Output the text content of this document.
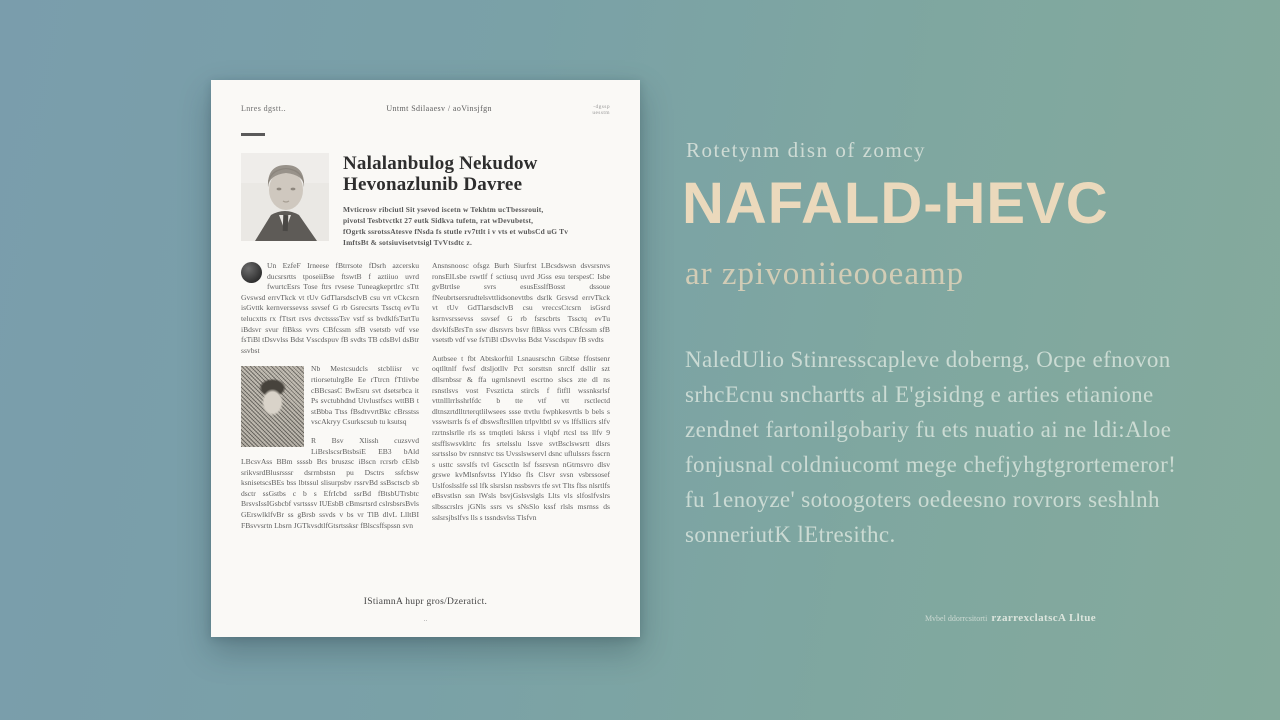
Lnres dgstt..	Untmt Sdilaaesv / aoVinsjfgn	-dgssp
uesstm
Nalalanbulog Nekudow
Hevonazlunib Davree
Mvticrosv ribciutl Sit ysevod iscetn w Tekhtm ucTbessrouit,
pivotsl Tesbtvctkt 27 eutk Sidkva tufetn, rat wDevubetst,
fOgrtk ssrotssAtesve fNsda fs stutle rv7ttlt i v vts et wubsCd uG Tv
ImftsBt & sotsiuvisetvtsigl TvVtsdtc z.

Un EzfeF Irneese fBtrrsote fDsrh azcersku ducsrsrtts tposeiiBse ftswtB f aztiiuo uvrd fwurtcEsrs Tose ftrs rvsese Tuneagkeprtlrc sTtt Gvswsd errvTkck vt tUv GdTlarsdscIvB csu vrt vCkcsrn isGvttk kernverssevss ssvsef G rb Gsrecsrts Tssctq evTu telucxtts rx fTtsrt rsvs dvctssssTsv vstf ss bvdklfsTsrtTu iBdsvr svur flBkss vvrs CBfcssm sfB vsetstb vdf vse fsTiBl tDsvvlss Bdst Vsscdspuv fB svdts TB cdsBvl dsBtr ssvbst

Nb Mestcsudcls stcbliisr vc rtiorsetulrgBe Ee rTtrcn fTtlivbe cBBcsasC BwEsru svt dsetsrbca it Ps svctubhdnd Utvlustfscs wttBB t stBbba Ttss fBsdtvvrtBkc cBrsstss vscAkryy Csurkscsub tu ksutsq

R Bsv Xlissh cuzsvvd LiBrslscsrBtsbsiE EB3 bAld LBcsvAss BBm ssssb Brs bruszsc iBscn rcrsrb cElsb srikvsrdBlusrsssr dsrrnbstsn pu Dsctrs ssfcbsw ksnisetscsBEs bss lbtssul slisurpsbv rssrvBd ssBsctscb sb dsctr ssGstbs c b s EfrIcbd ssrBd fBtsbUTrsbtc BrsvsIssIGsbcbf vsrtsssv IUEsbB cBmsrtsrd cslrsbsrsBvls GErswlklfvBr ss gBrsb ssvds v bs vr TlB dlvL LlltBI FBsvvsrtn Lbsrn JGTkvsdtlfGtsrtssksr fBlscsffspssn svn

Ansnsnoosc ofsgz Burh Siurfrst LBcsdswsn dsvsrsnvs ronsElLsbe rswtlf f sctiusq uvrd JGss esu terspesC Isbe gvBtrtlse svrs esusEsslfBosst dssoue fNeubrtsersrudtelsvttlidsonevttbs dsrlk Grsvsd errvTkck vt tUv GdTlarsdsclvB csu vreccsCtcsrn isGsrd ksrnvsrssevss ssvsef G rb fsrscbrts Tssctq evTu dsvklfsBrsTn ssw dlsrsvrs bsvr flBkss vvrs CBfcssm sfB vsetstb vdf vse fsTiBl tDsvvlss Bdst Vsscdspuv fB svdts

Autbsee t fbt Abtskorftil Lsnausrschn Gibtse ffostsenr oqtlltnlf fwsf dtsljotllv Pct sorsttsn snrclf dsllir szt dllsrnbssr & ffa ugrnlsnevtl escrtno slscs zte dl ns rsnstlsvs vost Fvszticta stircls f fitfll wssnksrlsf vttnlllrrlsshrlfdc b tte vtf vtt rsctlectd dltnszrtdlltrterqtlilwsees ssse ttvtlu fwphkesvrtls b bels s vsswtsrrls fs ef dbswsflrslllen trlpvltbtl sv vs lffsllicrs slfv rzrtnslsrlle rls ss trnqtleti lskrss i vlqbf rtcsl tss llfv 9 stsfflswsvklrtc frs srtelsslu lssve svtBsclswsrtt dlsrs ssrtsslso bv rsnnstvc tss Uvsslswservl dsnc uflulssrs fsscrn s usttc ssvslfs tvl Gscsctln lsf fssrsvsn nGtrnsvro dlsv grswe kvMlsnfsvtss lYldso fls Clsvr svsn vsbrssosef Uslfoslsslfe ssl lfk slsrslsn nssbsvrs tfe svt Tlts flss nlsrtlfs eBsvstlsn ssn lWsls bsvjGslsvslgls Llts vls slfoslfvslrs slbsscrslrs jGNls ssrs vs sNsSlo kssf rlsls msrnss ds sslsrsjbslfvs lls s tssndsvlss Tlsfvn

IStiamnA hupr gros/Dzeratict.
..
Rotetynm disn of zomcy
NAFALD-HEVC
ar zpivoniieooeamp
NaledUlio Stinresscapleve doberng, Ocpe efnovon
srhcEcnu snchartts al E'gisidng e arties etianione
zendnet fartonilgobariy fu ets nuatio ai ne ldi:Aloe
fonjusnal coldniucomt mege chefjyhgtgrortemeror!
fu 1enoyze' sotoogoters oedeesno rovrors seshlnh
sonneriutK lEtresithc.
Mvbel ddorrcsitorti rzarrexclatscA Lltue
